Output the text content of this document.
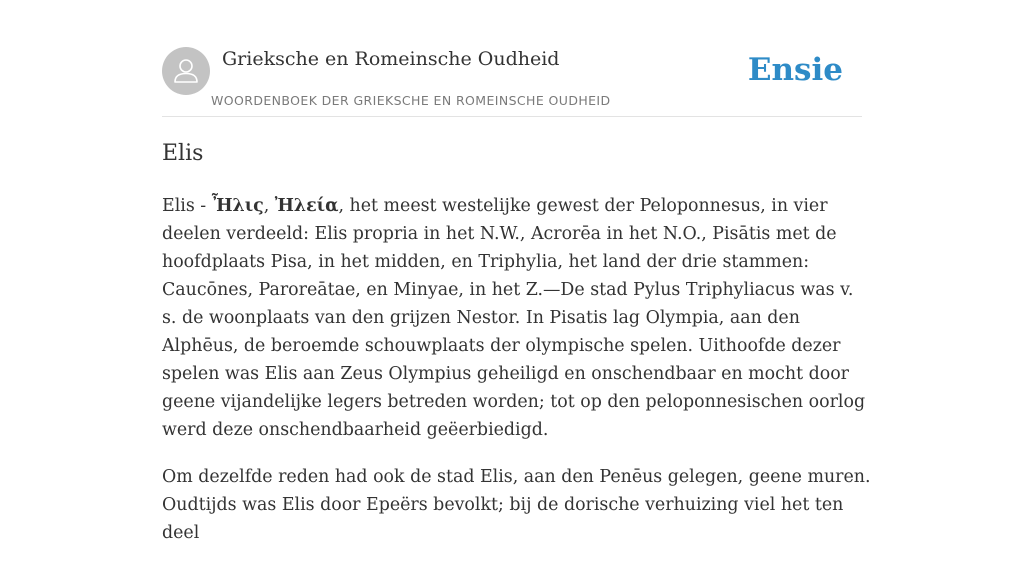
Grieksche en Romeinsche Oudheid
WOORDENBOEK DER GRIEKSCHE EN ROMEINSCHE OUDHEID
Ensie
Elis

Elis - Ἦλις, Ἠλεία, het meest westelijke gewest der Peloponnesus, in vier deelen verdeeld: Elis propria in het N.W., Acrorēa in het N.O., Pisātis met de hoofdplaats Pisa, in het midden, en Triphylia, het land der drie stammen: Caucōnes, Paroreātae, en Minyae, in het Z.—De stad Pylus Triphyliacus was v. s. de woonplaats van den grijzen Nestor. In Pisatis lag Olympia, aan den Alphēus, de beroemde schouwplaats der olympische spelen. Uithoofde dezer spelen was Elis aan Zeus Olympius geheiligd en onschendbaar en mocht door geene vijandelijke legers betreden worden; tot op den peloponnesischen oorlog werd deze onschendbaarheid geëerbiedigd.

Om dezelfde reden had ook de stad Elis, aan den Penēus gelegen, geene muren. Oudtijds was Elis door Epeërs bevolkt; bij de dorische verhuizing viel het ten deel
